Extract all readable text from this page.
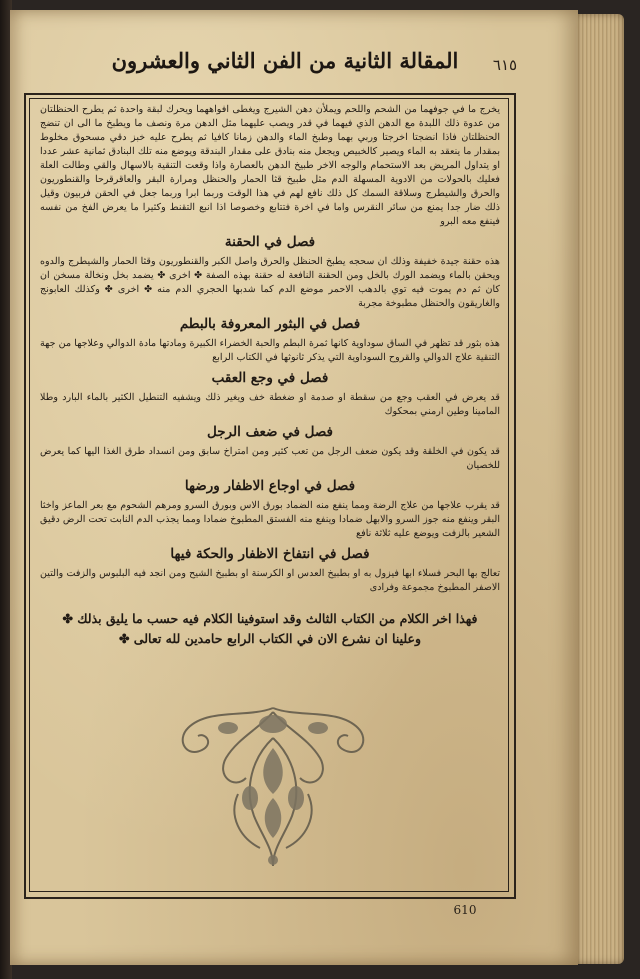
المقالة الثانية من الفن الثاني والعشرون	٦١٥

يخرج ما في جوفهما من الشحم واللحم ويملأن دهن الشيرج ويغطى افواههما ويحرك لبقة واحدة ثم يطرح الحنظلتان من عدوة ذلك اللبدة مع الدهن الذي فيهما في قدر ويصب عليهما مثل الدهن مرة ونصف ما ويطبخ ما الى ان تنضج الحنظلتان فاذا انضجتا اخرجتا وربي بهما وطبخ الماء والدهن زمانا كافيا ثم يطرح عليه خبز دقي مسحوق مخلوط بمقدار ما ينعقد به الماء ويصير كالخبيص ويجعل منه بنادق على مقدار البندقة ويوضع منه تلك البنادق ثمانية عشر عددا او يتداول المريض بعد الاستحمام والوجه الاخر طبيخ الدهن بالعصارة واذا وقعت التنقية بالاسهال والقي وطالت العلة فعليك بالحولات من الادوية المسهلة الدم مثل طبيخ قثا الحمار والحنظل ومرارة البقر والعاقرقرحا والقنطوريون والحرق والشيطرج وسلاقة السمك كل ذلك نافع لهم في هذا الوقت وربما ابرا وربما جعل في الحقن فربيون وقيل ذلك ضار جدا يمنع من سائر النقرس واما في اخرة فتتابع وخصوصا اذا انبع التقنط وكثيرا ما يعرض الفخ من نفسه فينفع معه البرو

فصل في الحقنة

هذه حقنة جيدة خفيفة وذلك ان سحجه يطبخ الحنظل والحرق واصل الكبر والقنطوريون وقثا الحمار والشيطرج والدوه ويحقن بالماء ويضمد الورك بالخل ومن الحقنة النافعة له حقنة بهذه الصفة ✤ اخرى ✤ يضمد بخل ونخالة مسخن ان كان ثم دم يموت فيه توي بالدهب الاحمر موضع الدم كما شدبها الحجري الدم منه ✤ اخرى ✤ وكذلك العابونج والغاريقون والحنظل مطبوخة مجربة

فصل في البثور المعروفة بالبطم

هذه بثور قد تظهر في الساق سوداوية كانها ثمرة البطم والحبة الخضراء الكبيرة ومادتها مادة الدوالي وعلاجها من جهة التنقية علاج الدوالي والقروح السوداوية التي يذكر ثانوثها في الكتاب الرابع

فصل في وجع العقب

قد يعرض في العقب وجع من سقطة او صدمة او ضغطة خف ويغير ذلك ويشفيه التنطيل الكثير بالماء البارد وطلا المامينا وطين ارمني بمحكوك

فصل في ضعف الرجل

قد يكون في الخلقة وقد يكون ضعف الرجل من تعب كثير ومن امتراخ سابق ومن انسداد طرق الغذا اليها كما يعرض للخصيان

فصل في اوجاع الاظفار ورضها

قد يقرب علاجها من علاج الرضة ومما ينفع منه الضماد بورق الاس وبورق السرو ومرهم الشحوم مع بعر الماعز واخثا البقر وينفع منه جوز السرو والابهل ضمادا وينفع منه الفستق المطبوخ ضمادا ومما يجذب الدم النابت تحت الرض دقيق الشعير بالزفت ويوضع عليه ثلاثة نافع

فصل في انتفاخ الاظفار والحكة فيها

تعالج بها البحر فسلاء ابها فيزول به او بطبيخ العدس او الكرسنة او بطبيخ الشيح ومن انجد فيه البلبوس والزفت والتين الاصفر المطبوخ مجموعة وفرادى

فهذا اخر الكلام من الكتاب الثالث وقد استوفينا الكلام فيه حسب ما يليق بذلك ✤
وعلينا ان نشرع الان في الكتاب الرابع حامدين لله تعالى ✤
610
